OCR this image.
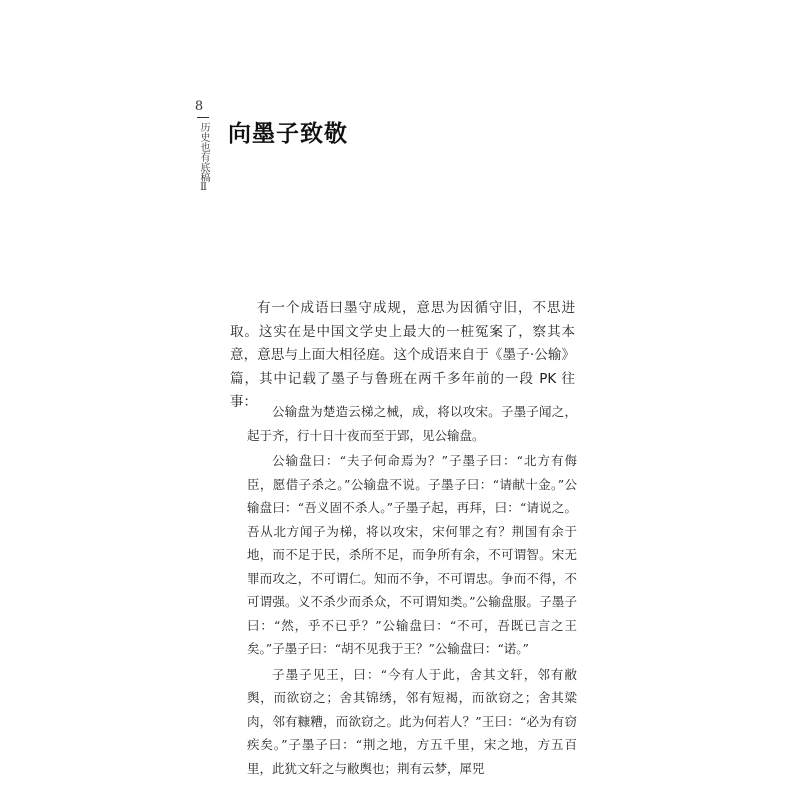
8
历史也有底稿Ⅱ 向墨子致敬

有一个成语曰墨守成规，意思为因循守旧，不思进取。这实在是中国文学史上最大的一桩冤案了，察其本意，意思与上面大相径庭。这个成语来自于《墨子·公输》篇，其中记载了墨子与鲁班在两千多年前的一段 PK 往事：

公输盘为楚造云梯之械，成，将以攻宋。子墨子闻之，起于齐，行十日十夜而至于郢，见公输盘。

公输盘曰：“夫子何命焉为？”子墨子曰：“北方有侮臣，愿借子杀之。”公输盘不说。子墨子曰：“请献十金。”公输盘曰：“吾义固不杀人。”子墨子起，再拜，曰：“请说之。吾从北方闻子为梯，将以攻宋，宋何罪之有？荆国有余于地，而不足于民，杀所不足，而争所有余，不可谓智。宋无罪而攻之，不可谓仁。知而不争，不可谓忠。争而不得，不可谓强。义不杀少而杀众，不可谓知类。”公输盘服。子墨子曰：“然，乎不已乎？”公输盘曰：“不可，吾既已言之王矣。”子墨子曰：“胡不见我于王？”公输盘曰：“诺。”

子墨子见王，曰：“今有人于此，舍其文轩，邻有敝舆，而欲窃之；舍其锦绣，邻有短褐，而欲窃之；舍其粱肉，邻有糠糟，而欲窃之。此为何若人？”王曰：“必为有窃疾矣。”子墨子曰：“荆之地，方五千里，宋之地，方五百里，此犹文轩之与敝舆也；荆有云梦，犀兕
